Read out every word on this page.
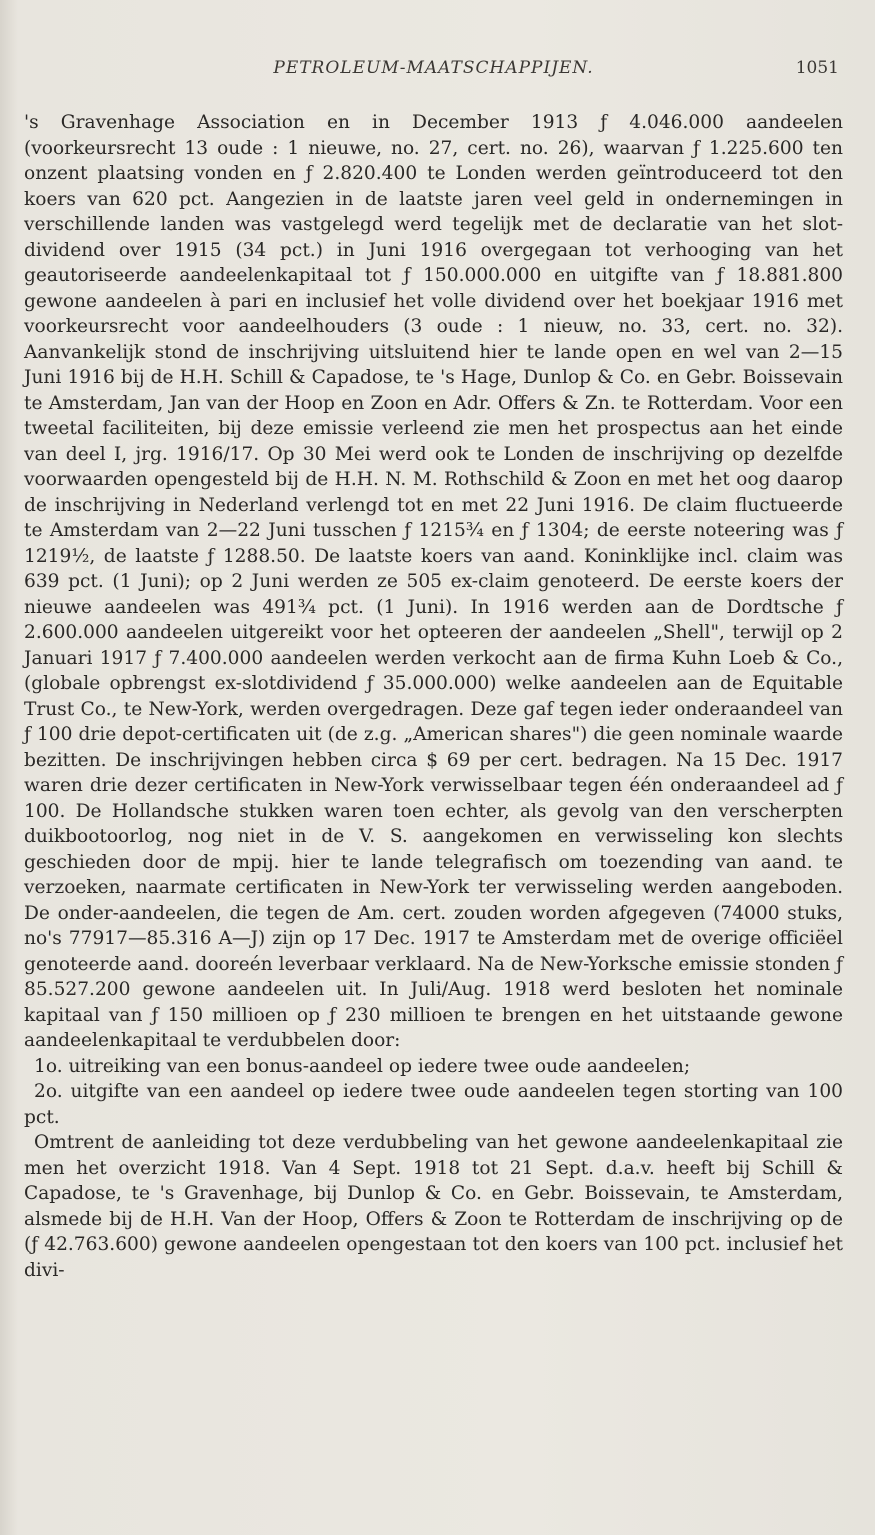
PETROLEUM-MAATSCHAPPIJEN.	1051

's Gravenhage Association en in December 1913 ƒ 4.046.000 aandeelen (voorkeursrecht 13 oude : 1 nieuwe, no. 27, cert. no. 26), waarvan ƒ 1.225.600 ten onzent plaatsing vonden en ƒ 2.820.400 te Londen werden geïntroduceerd tot den koers van 620 pct. Aangezien in de laatste jaren veel geld in ondernemingen in verschillende landen was vastgelegd werd tegelijk met de declaratie van het slot-dividend over 1915 (34 pct.) in Juni 1916 overgegaan tot verhooging van het geautoriseerde aandeelenkapitaal tot ƒ 150.000.000 en uitgifte van ƒ 18.881.800 gewone aandeelen à pari en inclusief het volle dividend over het boekjaar 1916 met voorkeursrecht voor aandeelhouders (3 oude : 1 nieuw, no. 33, cert. no. 32). Aanvankelijk stond de inschrijving uitsluitend hier te lande open en wel van 2—15 Juni 1916 bij de H.H. Schill & Capadose, te 's Hage, Dunlop & Co. en Gebr. Boissevain te Amsterdam, Jan van der Hoop en Zoon en Adr. Offers & Zn. te Rotterdam. Voor een tweetal faciliteiten, bij deze emissie verleend zie men het prospectus aan het einde van deel I, jrg. 1916/17. Op 30 Mei werd ook te Londen de inschrijving op dezelfde voorwaarden opengesteld bij de H.H. N. M. Rothschild & Zoon en met het oog daarop de inschrijving in Nederland verlengd tot en met 22 Juni 1916. De claim fluctueerde te Amsterdam van 2—22 Juni tusschen ƒ 1215¾ en ƒ 1304; de eerste noteering was ƒ 1219½, de laatste ƒ 1288.50. De laatste koers van aand. Koninklijke incl. claim was 639 pct. (1 Juni); op 2 Juni werden ze 505 ex-claim genoteerd. De eerste koers der nieuwe aandeelen was 491¾ pct. (1 Juni). In 1916 werden aan de Dordtsche ƒ 2.600.000 aandeelen uitgereikt voor het opteeren der aandeelen „Shell", terwijl op 2 Januari 1917 ƒ 7.400.000 aandeelen werden verkocht aan de firma Kuhn Loeb & Co., (globale opbrengst ex-slotdividend ƒ 35.000.000) welke aandeelen aan de Equitable Trust Co., te New-York, werden overgedragen. Deze gaf tegen ieder onderaandeel van ƒ 100 drie depot-certificaten uit (de z.g. „American shares") die geen nominale waarde bezitten. De inschrijvingen hebben circa $ 69 per cert. bedragen. Na 15 Dec. 1917 waren drie dezer certificaten in New-York verwisselbaar tegen één onderaandeel ad ƒ 100. De Hollandsche stukken waren toen echter, als gevolg van den verscherpten duikbootoorlog, nog niet in de V. S. aangekomen en verwisseling kon slechts geschieden door de mpij. hier te lande telegrafisch om toezending van aand. te verzoeken, naarmate certificaten in New-York ter verwisseling werden aangeboden. De onder-aandeelen, die tegen de Am. cert. zouden worden afgegeven (74000 stuks, no's 77917—85.316 A—J) zijn op 17 Dec. 1917 te Amsterdam met de overige officiëel genoteerde aand. dooreén leverbaar verklaard. Na de New-Yorksche emissie stonden ƒ 85.527.200 gewone aandeelen uit. In Juli/Aug. 1918 werd besloten het nominale kapitaal van ƒ 150 millioen op ƒ 230 millioen te brengen en het uitstaande gewone aandeelenkapitaal te verdubbelen door:

1o. uitreiking van een bonus-aandeel op iedere twee oude aandeelen;

2o. uitgifte van een aandeel op iedere twee oude aandeelen tegen storting van 100 pct.

Omtrent de aanleiding tot deze verdubbeling van het gewone aandeelenkapitaal zie men het overzicht 1918. Van 4 Sept. 1918 tot 21 Sept. d.a.v. heeft bij Schill & Capadose, te 's Gravenhage, bij Dunlop & Co. en Gebr. Boissevain, te Amsterdam, alsmede bij de H.H. Van der Hoop, Offers & Zoon te Rotterdam de inschrijving op de (ƒ 42.763.600) gewone aandeelen opengestaan tot den koers van 100 pct. inclusief het divi-
